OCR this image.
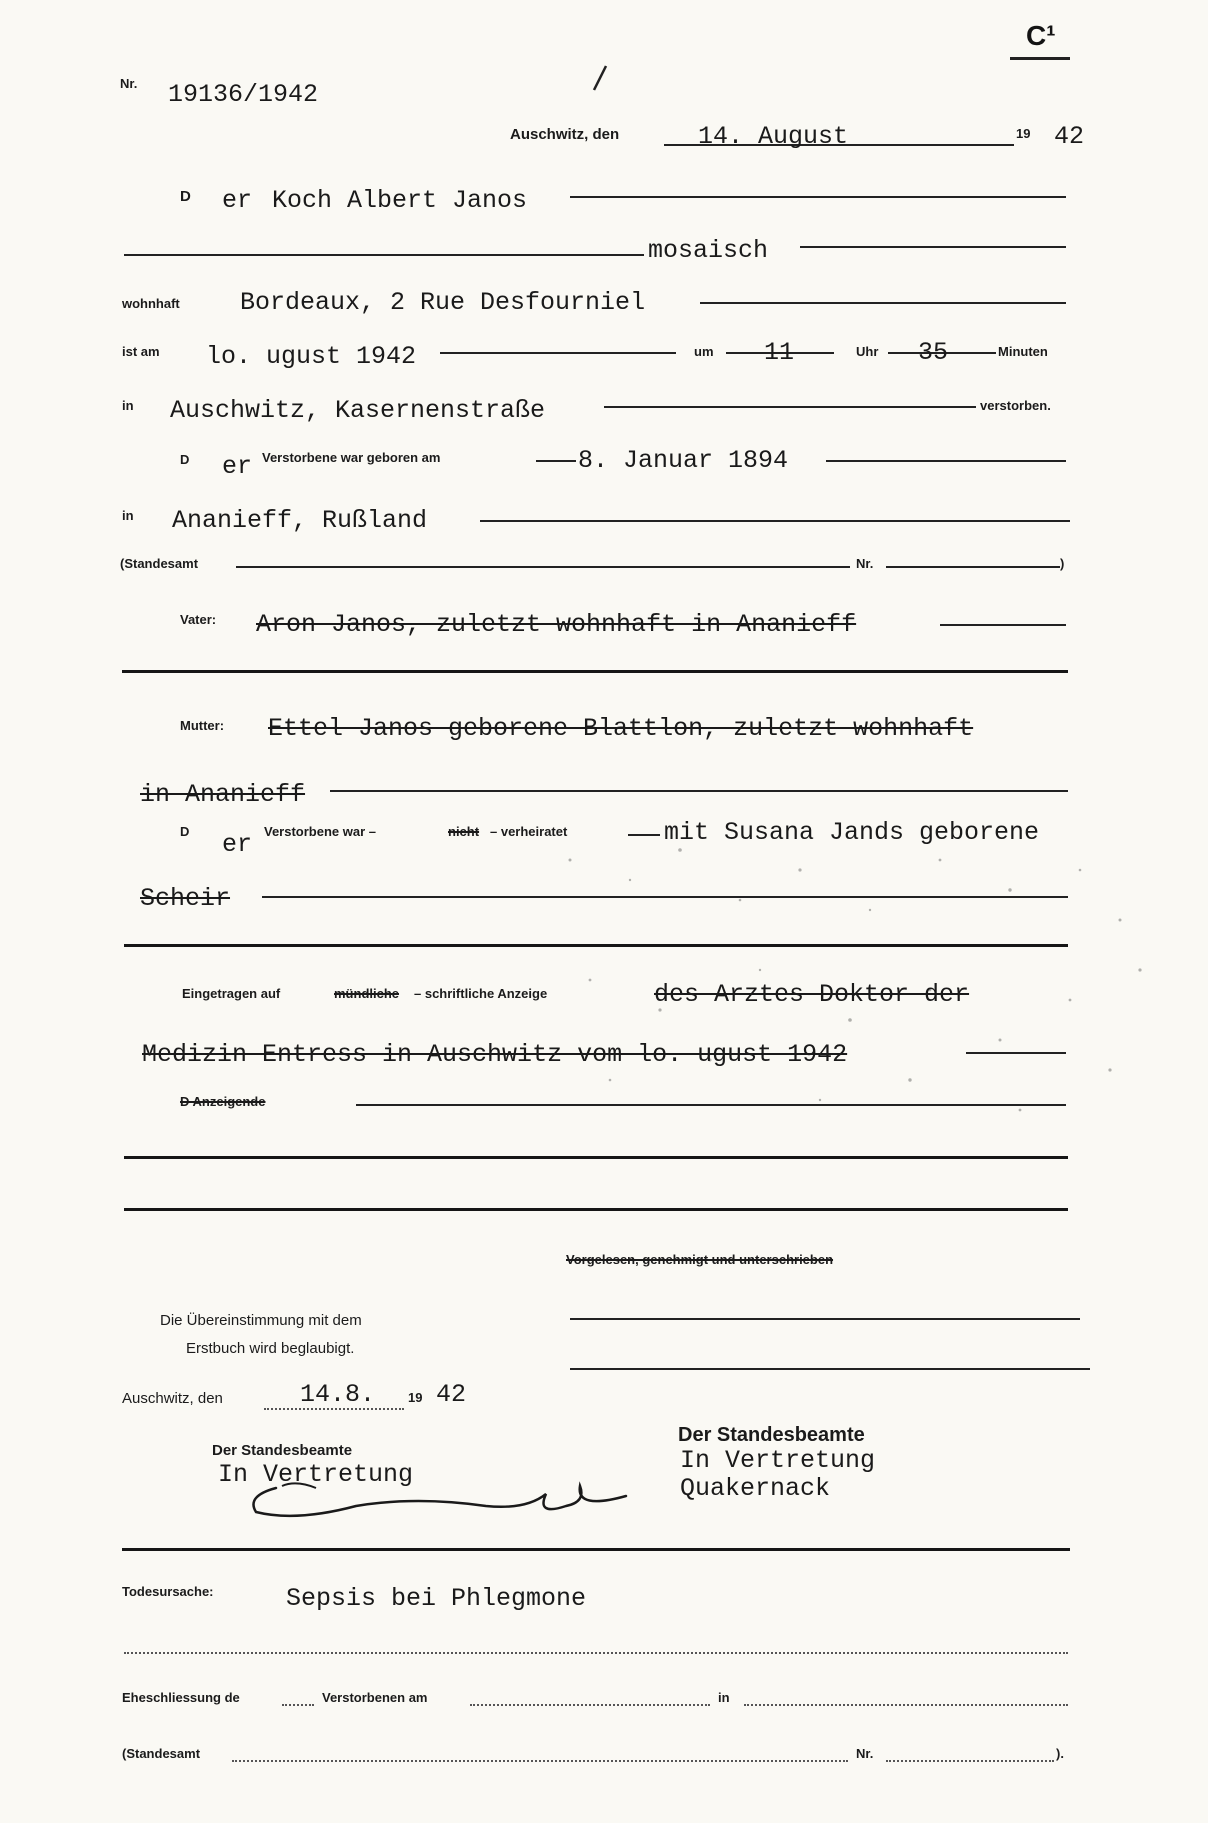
C¹
Nr. 19136/1942
Auschwitz, den	14. August	19 42
D er Koch Albert Janos
mosaisch
wohnhaft Bordeaux, 2 Rue Desfourniel
ist am lo. ugust 1942	um 11	Uhr 35	Minuten
in Auschwitz, Kasernenstraße	verstorben.
D er Verstorbene war geboren am	8. Januar 1894
in Ananieff, Rußland
(Standesamt	Nr.	)
Vater: Aron Janos, zuletzt wohnhaft in Ananieff
Mutter: Ettel Janos geborene Blattlon, zuletzt wohnhaft
in Ananieff
D er Verstorbene war –	nicht – verheiratet	mit Susana Jands geborene
Scheir
Eingetragen auf	mündliche – schriftliche Anzeige	des Arztes Doktor der
Medizin Entress in Auschwitz vom lo. ugust 1942
D Anzeigende
Vorgelesen, genehmigt und unterschrieben
Die Übereinstimmung mit dem
Erstbuch wird beglaubigt.
Auschwitz, den	14.8.	19 42
Der Standesbeamte
In Vertretung
Der Standesbeamte
In Vertretung
Quakernack
Todesursache:	Sepsis bei Phlegmone
Eheschliessung de	Verstorbenen am	in
(Standesamt	Nr.	).
